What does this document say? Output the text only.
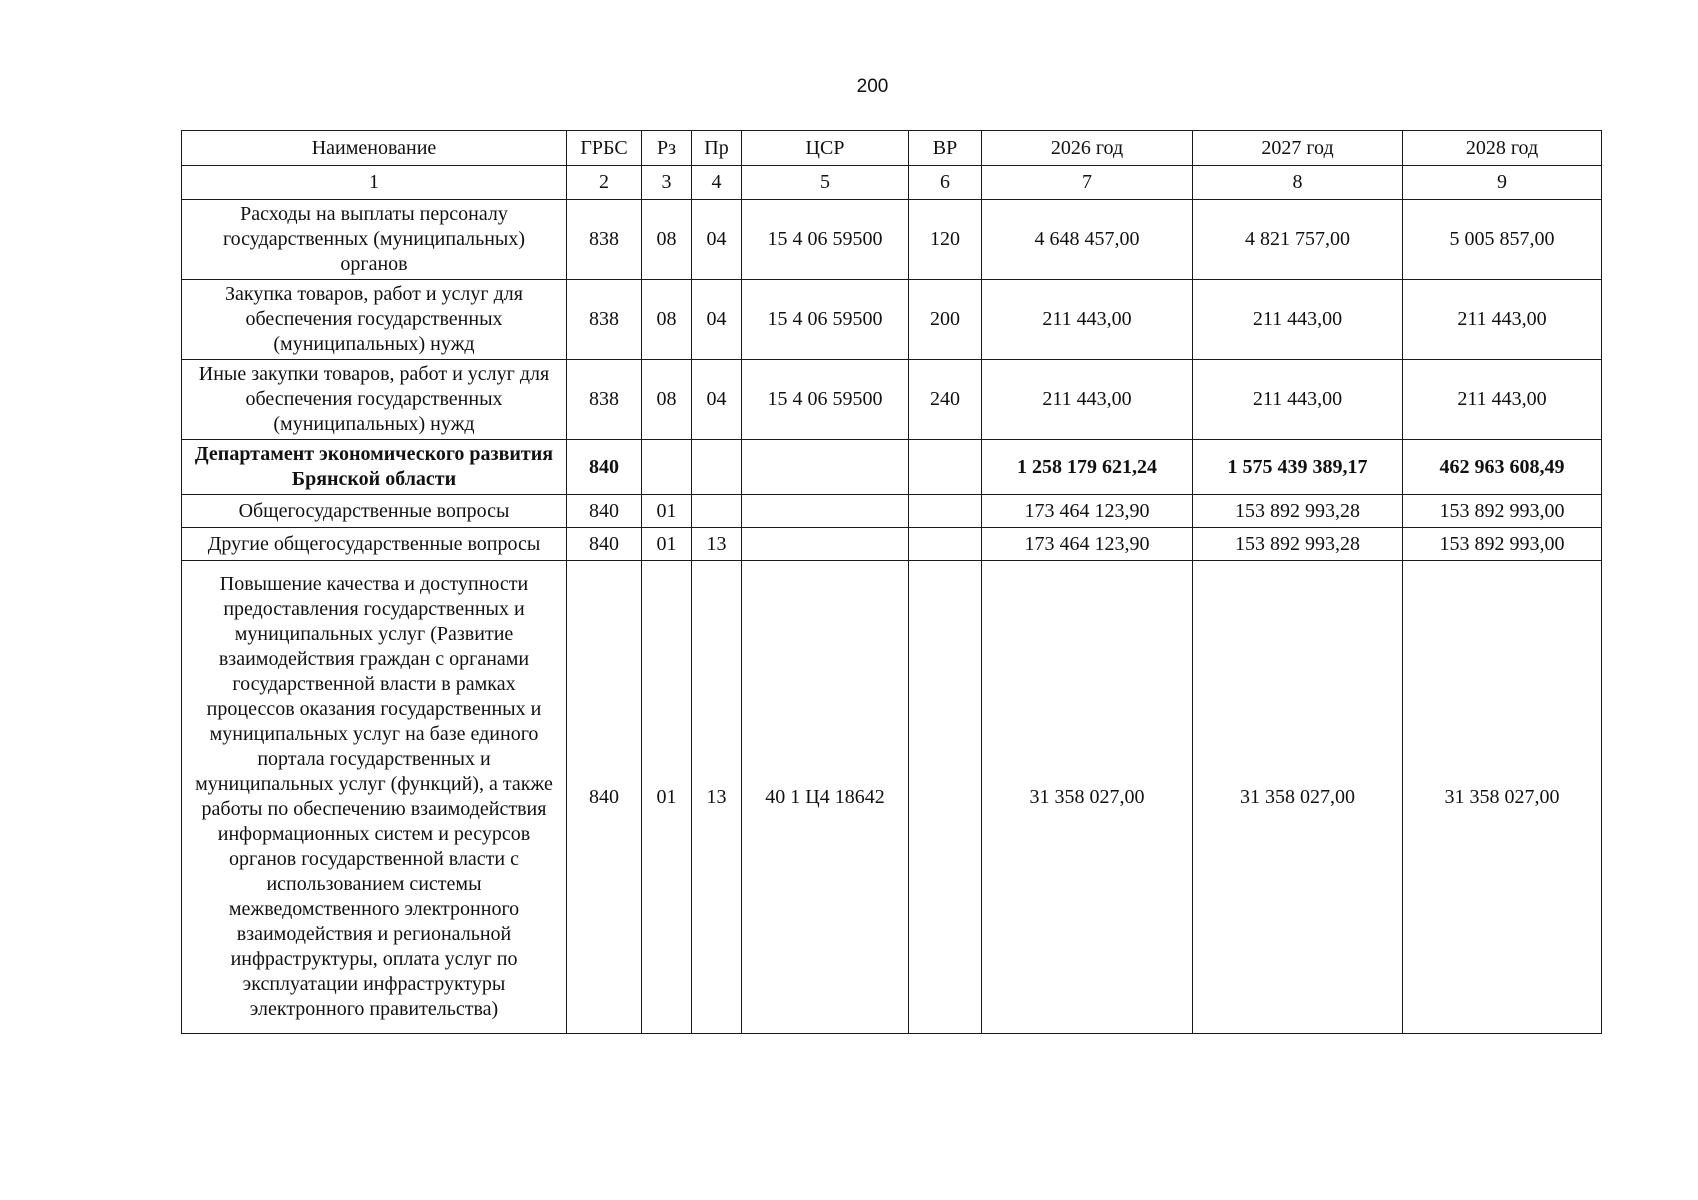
200
Наименование	ГРБС	Рз	Пр	ЦСР	ВР	2026 год	2027 год	2028 год
1	2	3	4	5	6	7	8	9
Расходы на выплаты персоналу государственных (муниципальных) органов	838	08	04	15 4 06 59500	120	4 648 457,00	4 821 757,00	5 005 857,00
Закупка товаров, работ и услуг для обеспечения государственных (муниципальных) нужд	838	08	04	15 4 06 59500	200	211 443,00	211 443,00	211 443,00
Иные закупки товаров, работ и услуг для обеспечения государственных (муниципальных) нужд	838	08	04	15 4 06 59500	240	211 443,00	211 443,00	211 443,00
Департамент экономического развития Брянской области	840					1 258 179 621,24	1 575 439 389,17	462 963 608,49
Общегосударственные вопросы	840	01				173 464 123,90	153 892 993,28	153 892 993,00
Другие общегосударственные вопросы	840	01	13			173 464 123,90	153 892 993,28	153 892 993,00
Повышение качества и доступности предоставления государственных и муниципальных услуг (Развитие взаимодействия граждан с органами государственной власти в рамках процессов оказания государственных и муниципальных услуг на базе единого портала государственных и муниципальных услуг (функций), а также работы по обеспечению взаимодействия информационных систем и ресурсов органов государственной власти с использованием системы межведомственного электронного взаимодействия и региональной инфраструктуры, оплата услуг по эксплуатации инфраструктуры электронного правительства)	840	01	13	40 1 Ц4 18642		31 358 027,00	31 358 027,00	31 358 027,00
